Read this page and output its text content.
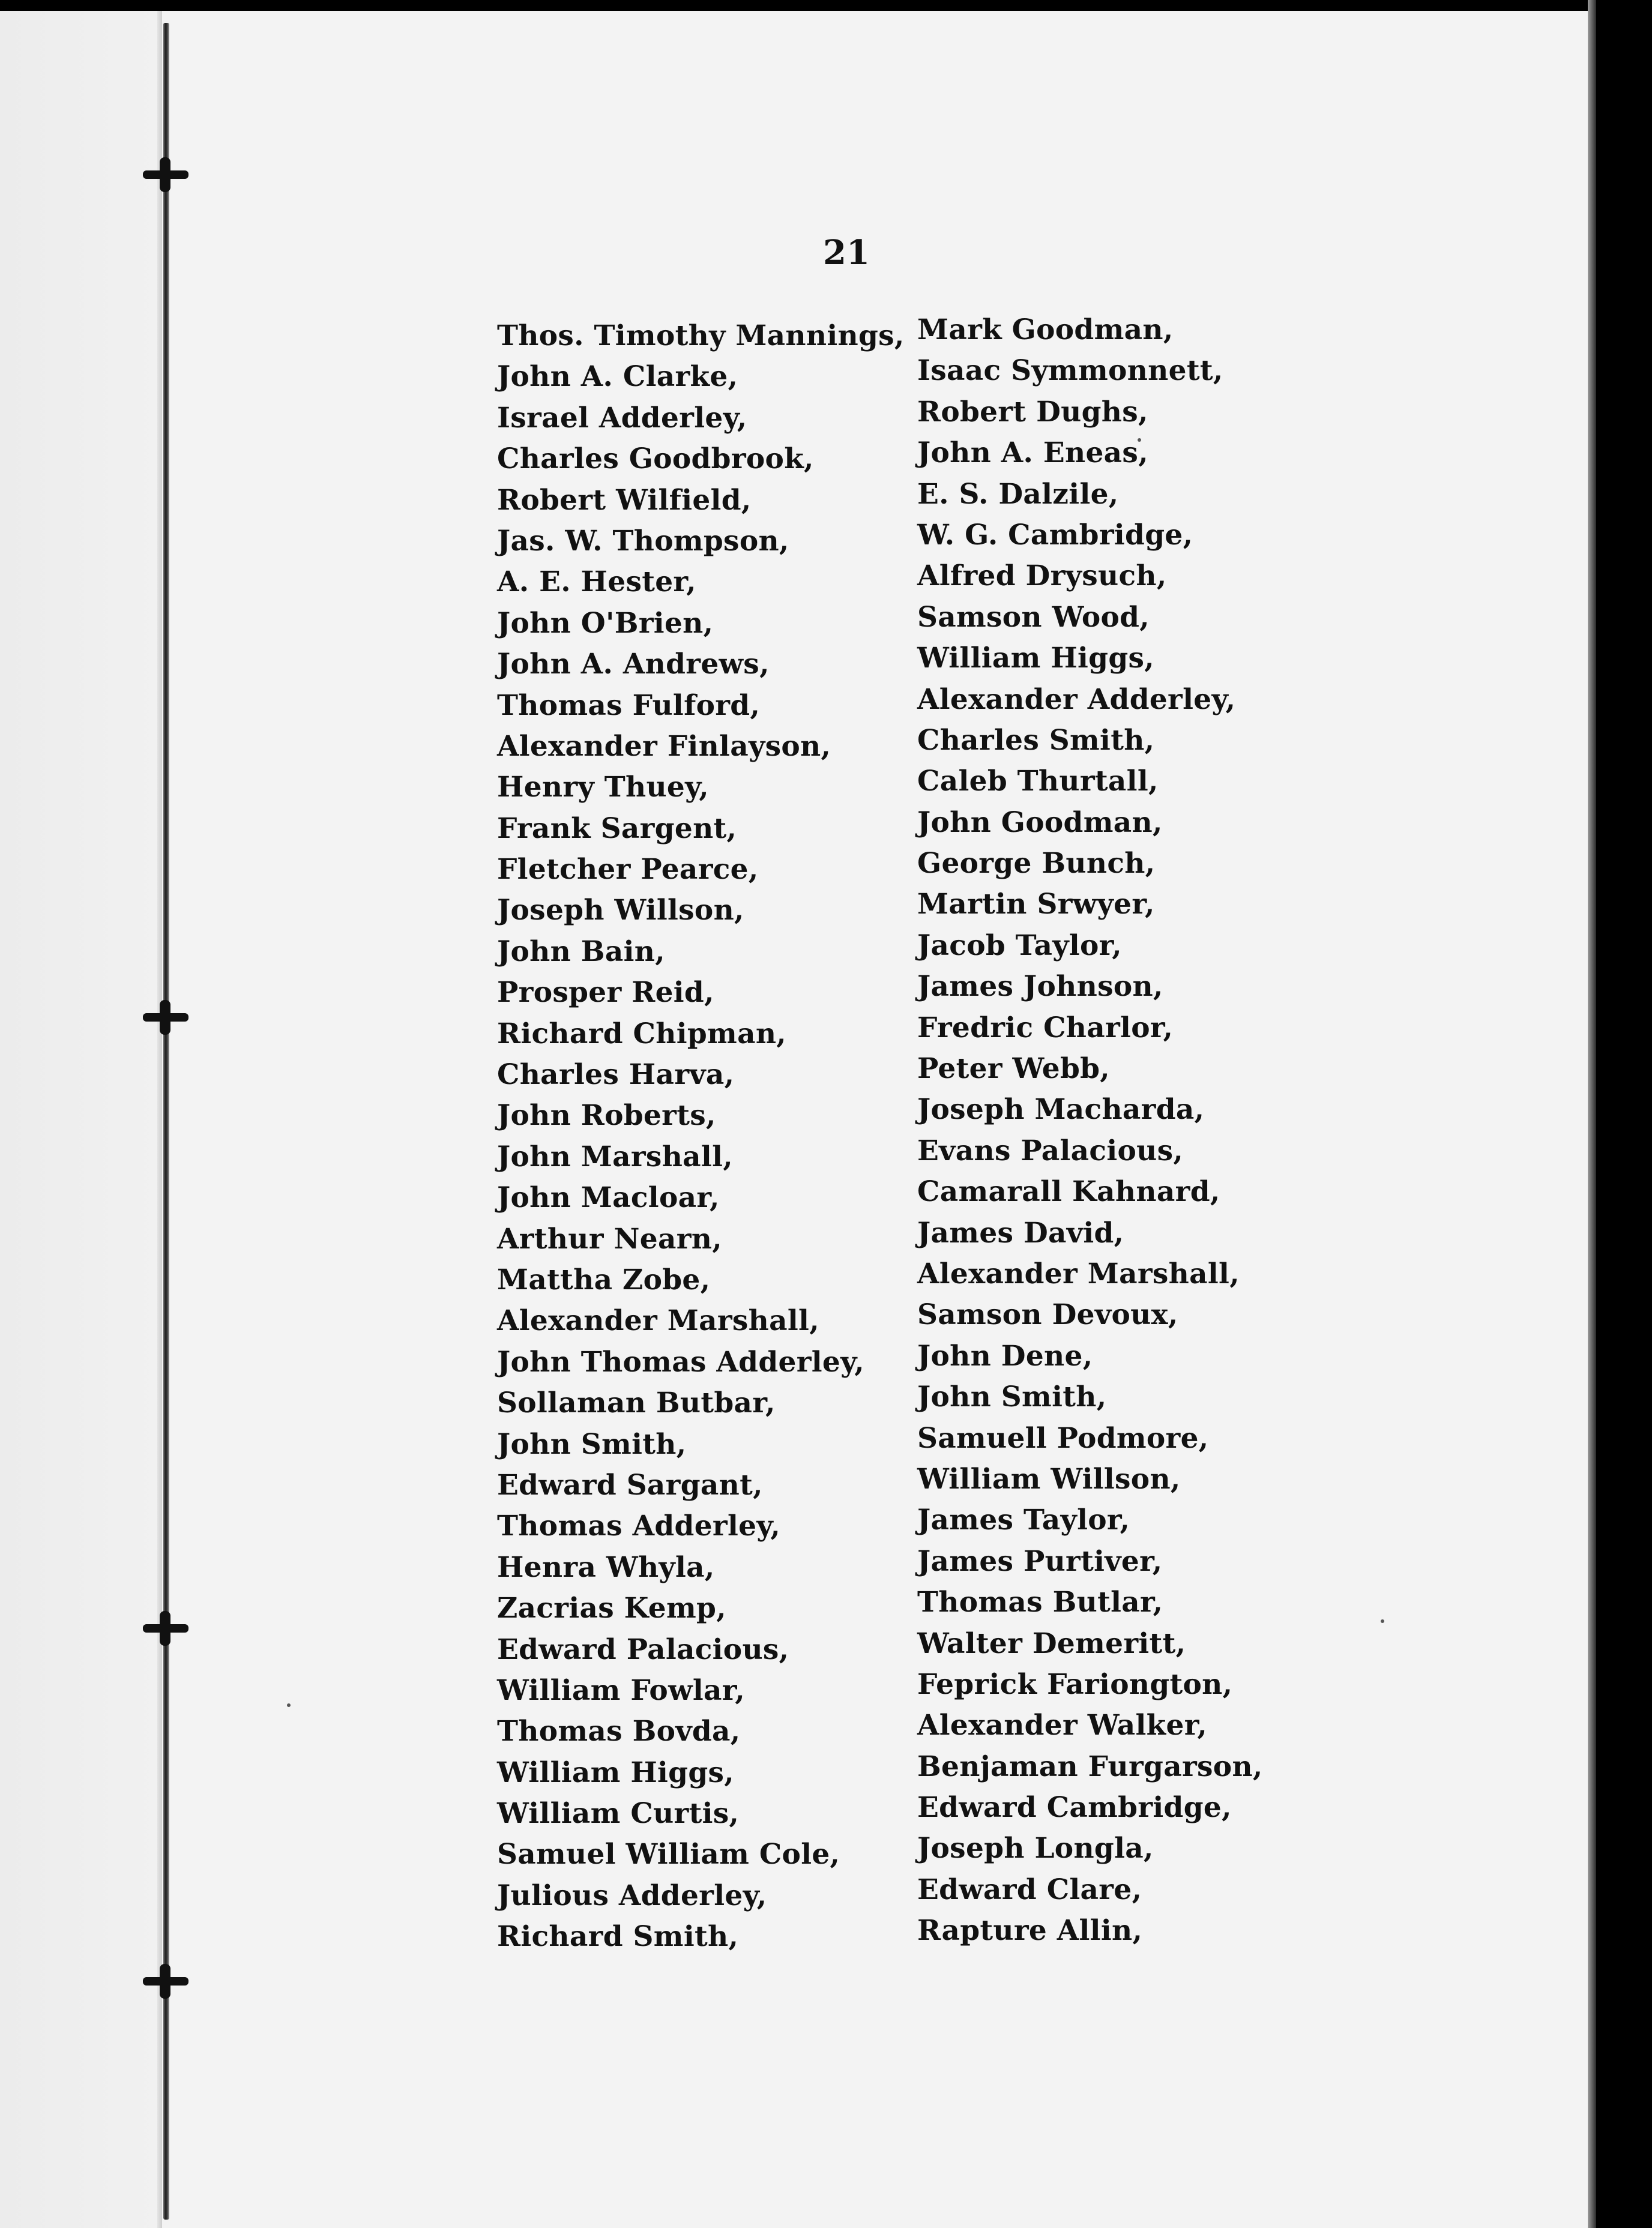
21
Thos. Timothy Mannings,
John A. Clarke,
Israel Adderley,
Charles Goodbrook,
Robert Wilfield,
Jas. W. Thompson,
A. E. Hester,
John O'Brien,
John A. Andrews,
Thomas Fulford,
Alexander Finlayson,
Henry Thuey,
Frank Sargent,
Fletcher Pearce,
Joseph Willson,
John Bain,
Prosper Reid,
Richard Chipman,
Charles Harva,
John Roberts,
John Marshall,
John Macloar,
Arthur Nearn,
Mattha Zobe,
Alexander Marshall,
John Thomas Adderley,
Sollaman Butbar,
John Smith,
Edward Sargant,
Thomas Adderley,
Henra Whyla,
Zacrias Kemp,
Edward Palacious,
William Fowlar,
Thomas Bovda,
William Higgs,
William Curtis,
Samuel William Cole,
Julious Adderley,
Richard Smith,
Mark Goodman,
Isaac Symmonnett,
Robert Dughs,
John A. Eneas,
E. S. Dalzile,
W. G. Cambridge,
Alfred Drysuch,
Samson Wood,
William Higgs,
Alexander Adderley,
Charles Smith,
Caleb Thurtall,
John Goodman,
George Bunch,
Martin Srwyer,
Jacob Taylor,
James Johnson,
Fredric Charlor,
Peter Webb,
Joseph Macharda,
Evans Palacious,
Camarall Kahnard,
James David,
Alexander Marshall,
Samson Devoux,
John Dene,
John Smith,
Samuell Podmore,
William Willson,
James Taylor,
James Purtiver,
Thomas Butlar,
Walter Demeritt,
Feprick Fariongton,
Alexander Walker,
Benjaman Furgarson,
Edward Cambridge,
Joseph Longla,
Edward Clare,
Rapture Allin,
